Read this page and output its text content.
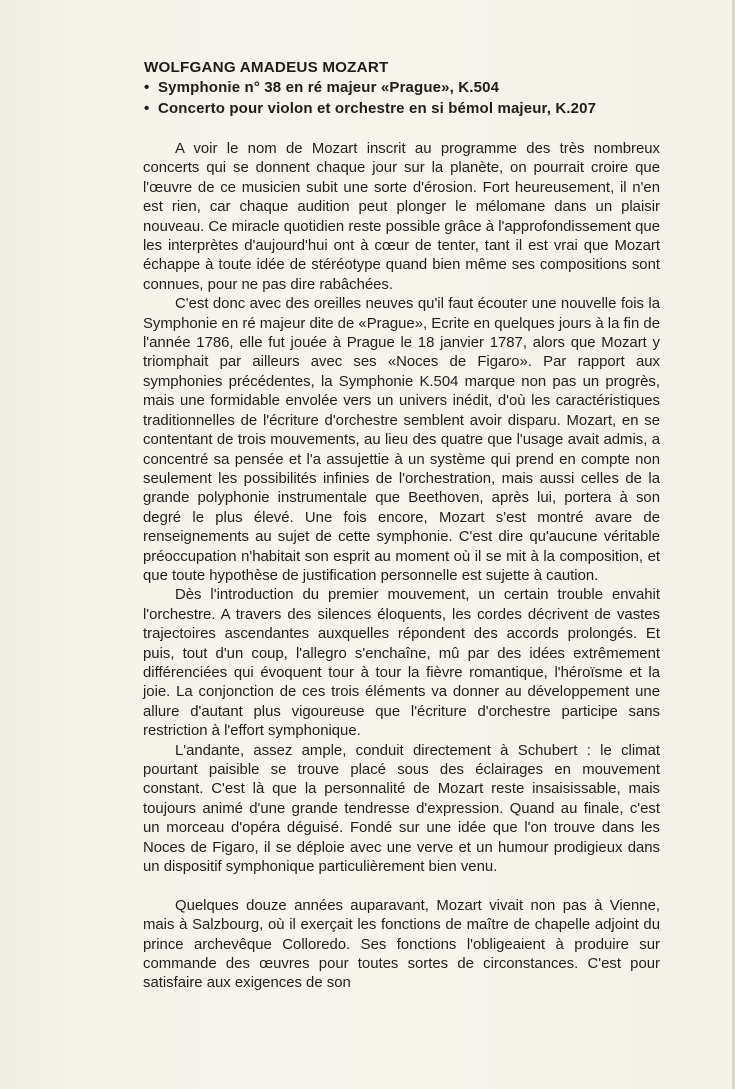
WOLFGANG AMADEUS MOZART
• Symphonie n° 38 en ré majeur «Prague», K.504
• Concerto pour violon et orchestre en si bémol majeur, K.207

A voir le nom de Mozart inscrit au programme des très nombreux concerts qui se donnent chaque jour sur la planète, on pourrait croire que l'œuvre de ce musicien subit une sorte d'érosion. Fort heureusement, il n'en est rien, car chaque audition peut plonger le mélomane dans un plaisir nouveau. Ce miracle quotidien reste possible grâce à l'approfondissement que les interprètes d'aujourd'hui ont à cœur de tenter, tant il est vrai que Mozart échappe à toute idée de stéréotype quand bien même ses compositions sont connues, pour ne pas dire rabâchées.

C'est donc avec des oreilles neuves qu'il faut écouter une nouvelle fois la Symphonie en ré majeur dite de «Prague», Ecrite en quelques jours à la fin de l'année 1786, elle fut jouée à Prague le 18 janvier 1787, alors que Mozart y triomphait par ailleurs avec ses «Noces de Figaro». Par rapport aux symphonies précédentes, la Symphonie K.504 marque non pas un progrès, mais une formidable envolée vers un univers inédit, d'où les caractéristiques traditionnelles de l'écriture d'orchestre semblent avoir disparu. Mozart, en se contentant de trois mouvements, au lieu des quatre que l'usage avait admis, a concentré sa pensée et l'a assujettie à un système qui prend en compte non seulement les possibilités infinies de l'orchestration, mais aussi celles de la grande polyphonie instrumentale que Beethoven, après lui, portera à son degré le plus élevé. Une fois encore, Mozart s'est montré avare de renseignements au sujet de cette symphonie. C'est dire qu'aucune véritable préoccupation n'habitait son esprit au moment où il se mit à la composition, et que toute hypothèse de justification personnelle est sujette à caution.

Dès l'introduction du premier mouvement, un certain trouble envahit l'orchestre. A travers des silences éloquents, les cordes décrivent de vastes trajectoires ascendantes auxquelles répondent des accords prolongés. Et puis, tout d'un coup, l'allegro s'enchaîne, mû par des idées extrêmement différenciées qui évoquent tour à tour la fièvre romantique, l'héroïsme et la joie. La conjonction de ces trois éléments va donner au développement une allure d'autant plus vigoureuse que l'écriture d'orchestre participe sans restriction à l'effort symphonique.

L'andante, assez ample, conduit directement à Schubert : le climat pourtant paisible se trouve placé sous des éclairages en mouvement constant. C'est là que la personnalité de Mozart reste insaisissable, mais toujours animé d'une grande tendresse d'expression. Quand au finale, c'est un morceau d'opéra déguisé. Fondé sur une idée que l'on trouve dans les Noces de Figaro, il se déploie avec une verve et un humour prodigieux dans un dispositif symphonique particulièrement bien venu.

Quelques douze années auparavant, Mozart vivait non pas à Vienne, mais à Salzbourg, où il exerçait les fonctions de maître de chapelle adjoint du prince archevêque Colloredo. Ses fonctions l'obligeaient à produire sur commande des œuvres pour toutes sortes de circonstances. C'est pour satisfaire aux exigences de son
